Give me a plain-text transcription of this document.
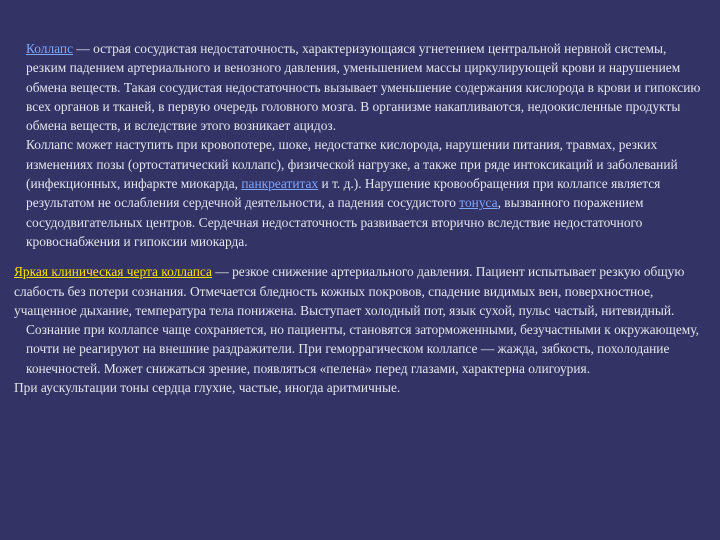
Коллапс — острая сосудистая недостаточность, характеризующаяся угнетением центральной нервной системы, резким падением артериального и венозного давления, уменьшением массы циркулирующей крови и нарушением обмена веществ. Такая сосудистая недостаточность вызывает уменьшение содержания кислорода в крови и гипоксию всех органов и тканей, в первую очередь головного мозга. В организме накапливаются, недоокисленные продукты обмена веществ, и вследствие этого возникает ацидоз.

Коллапс может наступить при кровопотере, шоке, недостатке кислорода, нарушении питания, травмах, резких изменениях позы (ортостатический коллапс), физической нагрузке, а также при ряде интоксикаций и заболеваний (инфекционных, инфаркте миокарда, панкреатитах и т. д.). Нарушение кровообращения при коллапсе является результатом не ослабления сердечной деятельности, а падения сосудистого тонуса, вызванного поражением сосудодвигательных центров. Сердечная недостаточность развивается вторично вследствие недостаточного кровоснабжения и гипоксии миокарда.

Яркая клиническая черта коллапса — резкое снижение артериального давления. Пациент испытывает резкую общую слабость без потери сознания. Отмечается бледность кожных покровов, спадение видимых вен, поверхностное, учащенное дыхание, температура тела понижена. Выступает холодный пот, язык сухой, пульс частый, нитевидный.

Сознание при коллапсе чаще сохраняется, но пациенты, становятся заторможенными, безучастными к окружающему, почти не реагируют на внешние раздражители. При геморрагическом коллапсе — жажда, зябкость, похолодание конечностей. Может снижаться зрение, появляться «пелена» перед глазами, характерна олигоурия.

При аускультации тоны сердца глухие, частые, иногда аритмичные.
